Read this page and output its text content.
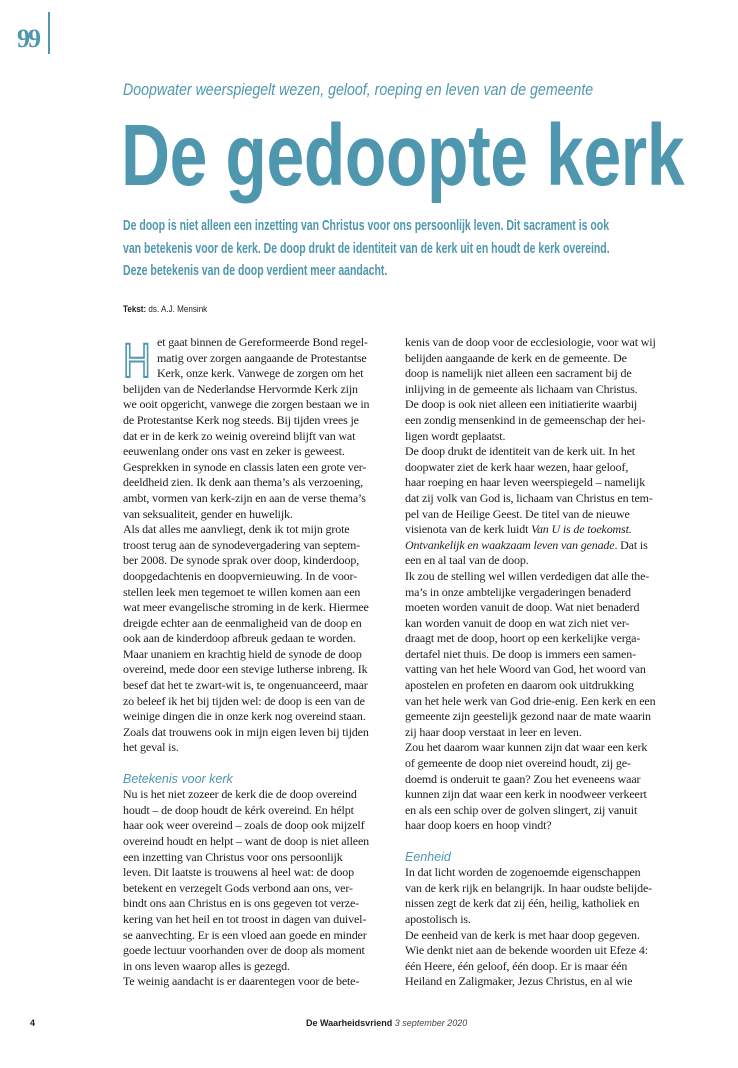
99
Doopwater weerspiegelt wezen, geloof, roeping en leven van de gemeente
De gedoopte kerk
De doop is niet alleen een inzetting van Christus voor ons persoonlijk leven. Dit sacrament is ook
van betekenis voor de kerk. De doop drukt de identiteit van de kerk uit en houdt de kerk overeind.
Deze betekenis van de doop verdient meer aandacht.
Tekst: ds. A.J. Mensink
H et gaat binnen de Gereformeerde Bond regel-
matig over zorgen aangaande de Protestantse
Kerk, onze kerk. Vanwege de zorgen om het
belijden van de Nederlandse Hervormde Kerk zijn
we ooit opgericht, vanwege die zorgen bestaan we in
de Protestantse Kerk nog steeds. Bij tijden vrees je
dat er in de kerk zo weinig overeind blijft van wat
eeuwenlang onder ons vast en zeker is geweest.
Gesprekken in synode en classis laten een grote ver-
deeldheid zien. Ik denk aan thema’s als verzoening,
ambt, vormen van kerk-zijn en aan de verse thema’s
van seksualiteit, gender en huwelijk.
Als dat alles me aanvliegt, denk ik tot mijn grote
troost terug aan de synodevergadering van septem-
ber 2008. De synode sprak over doop, kinderdoop,
doopgedachtenis en doopvernieuwing. In de voor-
stellen leek men tegemoet te willen komen aan een
wat meer evangelische stroming in de kerk. Hiermee
dreigde echter aan de eenmaligheid van de doop en
ook aan de kinderdoop afbreuk gedaan te worden.
Maar unaniem en krachtig hield de synode de doop
overeind, mede door een stevige lutherse inbreng. Ik
besef dat het te zwart-wit is, te ongenuanceerd, maar
zo beleef ik het bij tijden wel: de doop is een van de
weinige dingen die in onze kerk nog overeind staan.
Zoals dat trouwens ook in mijn eigen leven bij tijden
het geval is.
Betekenis voor kerk
Nu is het niet zozeer de kerk die de doop overeind
houdt – de doop houdt de kérk overeind. En hélpt
haar ook weer overeind – zoals de doop ook mijzelf
overeind houdt en helpt – want de doop is niet alleen
een inzetting van Christus voor ons persoonlijk
leven. Dit laatste is trouwens al heel wat: de doop
betekent en verzegelt Gods verbond aan ons, ver-
bindt ons aan Christus en is ons gegeven tot verze-
kering van het heil en tot troost in dagen van duivel-
se aanvechting. Er is een vloed aan goede en minder
goede lectuur voorhanden over de doop als moment
in ons leven waarop alles is gezegd.
Te weinig aandacht is er daarentegen voor de bete-
kenis van de doop voor de ecclesiologie, voor wat wij
belijden aangaande de kerk en de gemeente. De
doop is namelijk niet alleen een sacrament bij de
inlijving in de gemeente als lichaam van Christus.
De doop is ook niet alleen een initiatierite waarbij
een zondig mensenkind in de gemeenschap der hei-
ligen wordt geplaatst.
De doop drukt de identiteit van de kerk uit. In het
doopwater ziet de kerk haar wezen, haar geloof,
haar roeping en haar leven weerspiegeld – namelijk
dat zij volk van God is, lichaam van Christus en tem-
pel van de Heilige Geest. De titel van de nieuwe
visienota van de kerk luidt Van U is de toekomst.
Ontvankelijk en waakzaam leven van genade. Dat is
een en al taal van de doop.
Ik zou de stelling wel willen verdedigen dat alle the-
ma’s in onze ambtelijke vergaderingen benaderd
moeten worden vanuit de doop. Wat niet benaderd
kan worden vanuit de doop en wat zich niet ver-
draagt met de doop, hoort op een kerkelijke verga-
dertafel niet thuis. De doop is immers een samen-
vatting van het hele Woord van God, het woord van
apostelen en profeten en daarom ook uitdrukking
van het hele werk van God drie-enig. Een kerk en een
gemeente zijn geestelijk gezond naar de mate waarin
zij haar doop verstaat in leer en leven.
Zou het daarom waar kunnen zijn dat waar een kerk
of gemeente de doop niet overeind houdt, zij ge-
doemd is onderuit te gaan? Zou het eveneens waar
kunnen zijn dat waar een kerk in noodweer verkeert
en als een schip over de golven slingert, zij vanuit
haar doop koers en hoop vindt?
Eenheid
In dat licht worden de zogenoemde eigenschappen
van de kerk rijk en belangrijk. In haar oudste belijde-
nissen zegt de kerk dat zij één, heilig, katholiek en
apostolisch is.
De eenheid van de kerk is met haar doop gegeven.
Wie denkt niet aan de bekende woorden uit Efeze 4:
één Heere, één geloof, één doop. Er is maar één
Heiland en Zaligmaker, Jezus Christus, en al wie
4	De Waarheidsvriend 3 september 2020
